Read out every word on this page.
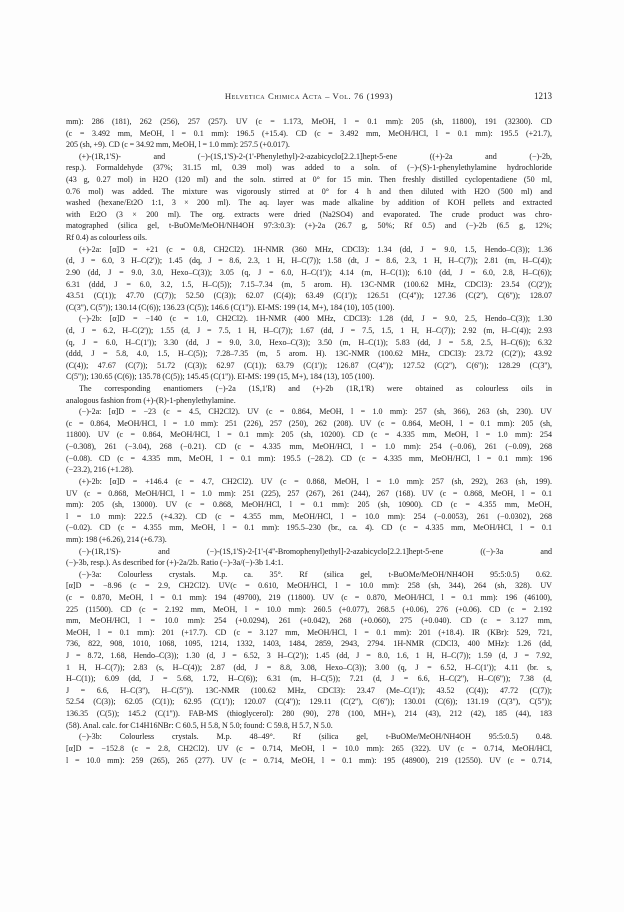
Helvetica Chimica Acta – Vol. 76 (1993)	1213
mm): 286 (181), 262 (256), 257 (257). UV (c = 1.173, MeOH, l = 0.1 mm): 205 (sh, 11800), 191 (32300). CD
(c = 3.492 mm, MeOH, l = 0.1 mm): 196.5 (+15.4). CD (c = 3.492 mm, MeOH/HCl, l = 0.1 mm): 195.5 (+21.7),
205 (sh, +9). CD (c = 34.92 mm, MeOH, l = 1.0 mm): 257.5 (+0.017).
(+)-(1R,1'S)- and (−)-(1S,1'S)-2-(1'-Phenylethyl)-2-azabicyclo[2.2.1]hept-5-ene ((+)-2a and (−)-2b,
resp.). Formaldehyde (37%; 31.15 ml, 0.39 mol) was added to a soln. of (−)-(S)-1-phenylethylamine hydrochloride
(43 g, 0.27 mol) in H2O (120 ml) and the soln. stirred at 0° for 15 min. Then freshly distilled cyclopentadiene (50 ml,
0.76 mol) was added. The mixture was vigorously stirred at 0° for 4 h and then diluted with H2O (500 ml) and
washed (hexane/Et2O 1:1, 3 × 200 ml). The aq. layer was made alkaline by addition of KOH pellets and extracted
with Et2O (3 × 200 ml). The org. extracts were dried (Na2SO4) and evaporated. The crude product was chro-
matographed (silica gel, t-BuOMe/MeOH/NH4OH 97:3:0.3): (+)-2a (26.7 g, 50%; Rf 0.5) and (−)-2b (6.5 g, 12%;
Rf 0.4) as colourless oils.
(+)-2a: [α]D = +21 (c = 0.8, CH2Cl2). 1H-NMR (360 MHz, CDCl3): 1.34 (dd, J = 9.0, 1.5, Hendo–C(3)); 1.36
(d, J = 6.0, 3 H–C(2')); 1.45 (dq, J = 8.6, 2.3, 1 H, H–C(7)); 1.58 (dt, J = 8.6, 2.3, 1 H, H–C(7)); 2.81 (m, H–C(4));
2.90 (dd, J = 9.0, 3.0, Hexo–C(3)); 3.05 (q, J = 6.0, H–C(1')); 4.14 (m, H–C(1)); 6.10 (dd, J = 6.0, 2.8, H–C(6));
6.31 (ddd, J = 6.0, 3.2, 1.5, H–C(5)); 7.15–7.34 (m, 5 arom. H). 13C-NMR (100.62 MHz, CDCl3): 23.54 (C(2'));
43.51 (C(1)); 47.70 (C(7)); 52.50 (C(3)); 62.07 (C(4)); 63.49 (C(1')); 126.51 (C(4'')); 127.36 (C(2''), C(6'')); 128.07
(C(3''), C(5'')); 130.14 (C(6)); 136.23 (C(5)); 146.6 (C(1'')). EI-MS: 199 (14, M+), 184 (10), 105 (100).
(−)-2b: [α]D = −140 (c = 1.0, CH2Cl2). 1H-NMR (400 MHz, CDCl3): 1.28 (dd, J = 9.0, 2.5, Hendo–C(3)); 1.30
(d, J = 6.2, H–C(2')); 1.55 (d, J = 7.5, 1 H, H–C(7)); 1.67 (dd, J = 7.5, 1.5, 1 H, H–C(7)); 2.92 (m, H–C(4)); 2.93
(q, J = 6.0, H–C(1')); 3.30 (dd, J = 9.0, 3.0, Hexo–C(3)); 3.50 (m, H–C(1)); 5.83 (dd, J = 5.8, 2.5, H–C(6)); 6.32
(ddd, J = 5.8, 4.0, 1.5, H–C(5)); 7.28–7.35 (m, 5 arom. H). 13C-NMR (100.62 MHz, CDCl3): 23.72 (C(2')); 43.92
(C(4)); 47.67 (C(7)); 51.72 (C(3)); 62.97 (C(1)); 63.79 (C(1')); 126.87 (C(4'')); 127.52 (C(2''), C(6'')); 128.29 (C(3''),
C(5'')); 130.65 (C(6)); 135.78 (C(5)); 145.45 (C(1'')). EI-MS: 199 (15, M+), 184 (13), 105 (100).
The corresponding enantiomers (−)-2a (1S,1'R) and (+)-2b (1R,1'R) were obtained as colourless oils in
analogous fashion from (+)-(R)-1-phenylethylamine.
(−)-2a: [α]D = −23 (c = 4.5, CH2Cl2). UV (c = 0.864, MeOH, l = 1.0 mm): 257 (sh, 366), 263 (sh, 230). UV
(c = 0.864, MeOH/HCl, l = 1.0 mm): 251 (226), 257 (250), 262 (208). UV (c = 0.864, MeOH, l = 0.1 mm): 205 (sh,
11800). UV (c = 0.864, MeOH/HCl, l = 0.1 mm): 205 (sh, 10200). CD (c = 4.335 mm, MeOH, l = 1.0 mm): 254
(−0.308), 261 (−3.04), 268 (−0.21). CD (c = 4.335 mm, MeOH/HCl, l = 1.0 mm): 254 (−0.06), 261 (−0.09), 268
(−0.08). CD (c = 4.335 mm, MeOH, l = 0.1 mm): 195.5 (−28.2). CD (c = 4.335 mm, MeOH/HCl, l = 0.1 mm): 196
(−23.2), 216 (+1.28).
(+)-2b: [α]D = +146.4 (c = 4.7, CH2Cl2). UV (c = 0.868, MeOH, l = 1.0 mm): 257 (sh, 292), 263 (sh, 199).
UV (c = 0.868, MeOH/HCl, l = 1.0 mm): 251 (225), 257 (267), 261 (244), 267 (168). UV (c = 0.868, MeOH, l = 0.1
mm): 205 (sh, 13000). UV (c = 0.868, MeOH/HCl, l = 0.1 mm): 205 (sh, 10900). CD (c = 4.355 mm, MeOH,
l = 1.0 mm): 222.5 (+4.32). CD (c = 4.355 mm, MeOH/HCl, l = 10.0 mm): 254 (−0.0053), 261 (−0.0302), 268
(−0.02). CD (c = 4.355 mm, MeOH, l = 0.1 mm): 195.5–230 (br., ca. 4). CD (c = 4.335 mm, MeOH/HCl, l = 0.1
mm): 198 (+6.26), 214 (+6.73).
(−)-(1R,1'S)- and (−)-(1S,1'S)-2-[1'-(4''-Bromophenyl)ethyl]-2-azabicyclo[2.2.1]hept-5-ene ((−)-3a and
(−)-3b, resp.). As described for (+)-2a/2b. Ratio (−)-3a/(−)-3b 1.4:1.
(−)-3a: Colourless crystals. M.p. ca. 35°. Rf (silica gel, t-BuOMe/MeOH/NH4OH 95:5:0.5) 0.62.
[α]D = −8.96 (c = 2.9, CH2Cl2). UV(c = 0.610, MeOH/HCl, l = 10.0 mm): 258 (sh, 344), 264 (sh, 328). UV
(c = 0.870, MeOH, l = 0.1 mm): 194 (49700), 219 (11800). UV (c = 0.870, MeOH/HCl, l = 0.1 mm): 196 (46100),
225 (11500). CD (c = 2.192 mm, MeOH, l = 10.0 mm): 260.5 (+0.077), 268.5 (+0.06), 276 (+0.06). CD (c = 2.192
mm, MeOH/HCl, l = 10.0 mm): 254 (+0.0294), 261 (+0.042), 268 (+0.060), 275 (+0.040). CD (c = 3.127 mm,
MeOH, l = 0.1 mm): 201 (+17.7). CD (c = 3.127 mm, MeOH/HCl, l = 0.1 mm): 201 (+18.4). IR (KBr): 529, 721,
736, 822, 908, 1010, 1068, 1095, 1214, 1332, 1403, 1484, 2859, 2943, 2794. 1H-NMR (CDCl3, 400 MHz): 1.26 (dd,
J = 8.72, 1.68, Hendo–C(3)); 1.30 (d, J = 6.52, 3 H–C(2')); 1.45 (dd, J = 8.0, 1.6, 1 H, H–C(7)); 1.59 (d, J = 7.92,
1 H, H–C(7)); 2.83 (s, H–C(4)); 2.87 (dd, J = 8.8, 3.08, Hexo–C(3)); 3.00 (q, J = 6.52, H–C(1')); 4.11 (br. s,
H–C(1)); 6.09 (dd, J = 5.68, 1.72, H–C(6)); 6.31 (m, H–C(5)); 7.21 (d, J = 6.6, H–C(2''), H–C(6'')); 7.38 (d,
J = 6.6, H–C(3''), H–C(5'')). 13C-NMR (100.62 MHz, CDCl3): 23.47 (Me–C(1')); 43.52 (C(4)); 47.72 (C(7));
52.54 (C(3)); 62.05 (C(1)); 62.95 (C(1')); 120.07 (C(4'')); 129.11 (C(2''), C(6'')); 130.01 (C(6)); 131.19 (C(3''), C(5''));
136.35 (C(5)); 145.2 (C(1'')). FAB-MS (thioglycerol): 280 (90), 278 (100, MH+), 214 (43), 212 (42), 185 (44), 183
(58). Anal. calc. for C14H16NBr: C 60.5, H 5.8, N 5.0; found: C 59.8, H 5.7, N 5.0.
(−)-3b: Colourless crystals. M.p. 48–49°. Rf (silica gel, t-BuOMe/MeOH/NH4OH 95:5:0.5) 0.48.
[α]D = −152.8 (c = 2.8, CH2Cl2). UV (c = 0.714, MeOH, l = 10.0 mm): 265 (322). UV (c = 0.714, MeOH/HCl,
l = 10.0 mm): 259 (265), 265 (277). UV (c = 0.714, MeOH, l = 0.1 mm): 195 (48900), 219 (12550). UV (c = 0.714,
